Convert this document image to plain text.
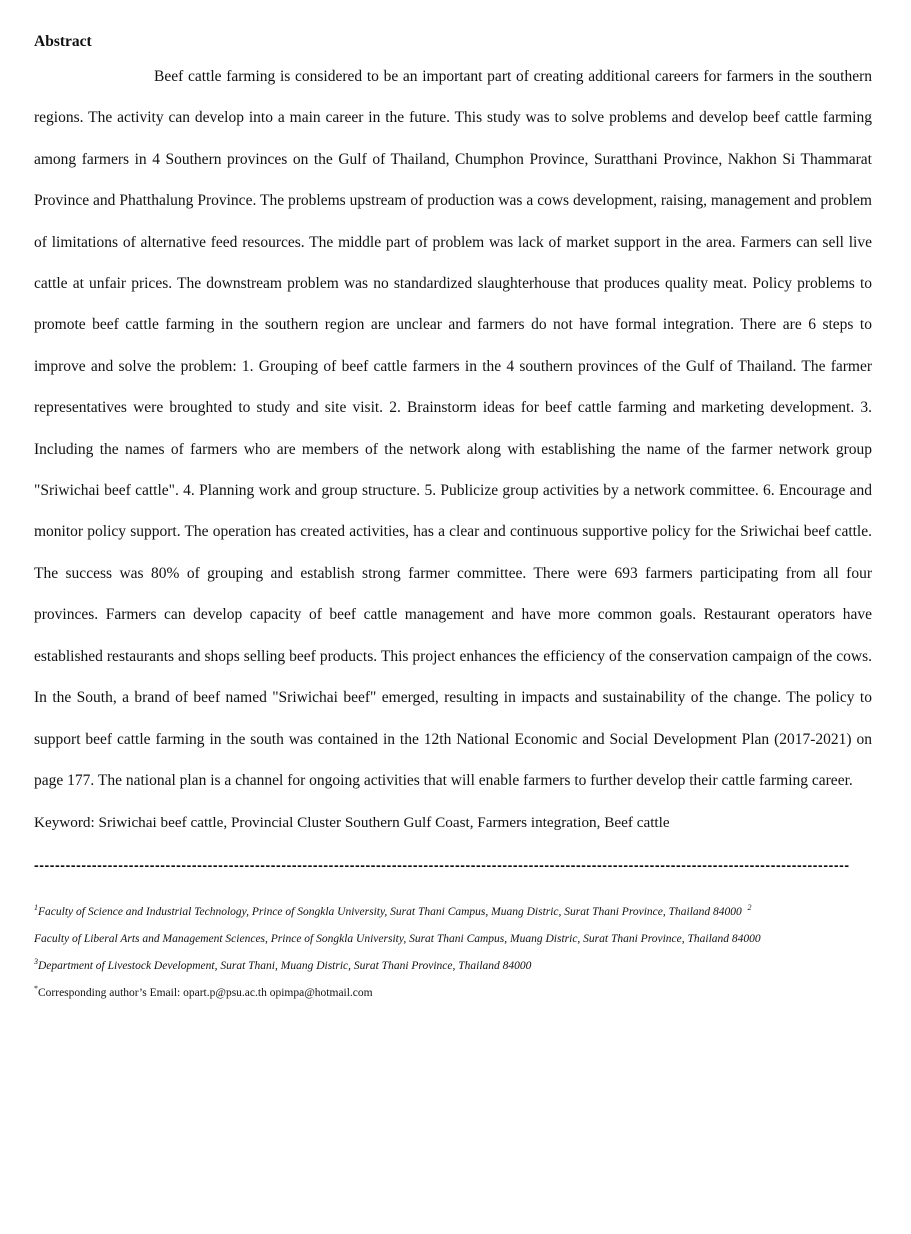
Abstract

Beef cattle farming is considered to be an important part of creating additional careers for farmers in the southern regions. The activity can develop into a main career in the future. This study was to solve problems and develop beef cattle farming among farmers in 4 Southern provinces on the Gulf of Thailand, Chumphon Province, Suratthani Province, Nakhon Si Thammarat Province and Phatthalung Province. The problems upstream of production was a cows development, raising, management and problem of limitations of alternative feed resources. The middle part of problem was lack of market support in the area. Farmers can sell live cattle at unfair prices. The downstream problem was no standardized slaughterhouse that produces quality meat. Policy problems to promote beef cattle farming in the southern region are unclear and farmers do not have formal integration. There are 6 steps to improve and solve the problem: 1. Grouping of beef cattle farmers in the 4 southern provinces of the Gulf of Thailand. The farmer representatives were broughted to study and site visit. 2. Brainstorm ideas for beef cattle farming and marketing development. 3. Including the names of farmers who are members of the network along with establishing the name of the farmer network group "Sriwichai beef cattle". 4. Planning work and group structure. 5. Publicize group activities by a network committee. 6. Encourage and monitor policy support. The operation has created activities, has a clear and continuous supportive policy for the Sriwichai beef cattle. The success was 80% of grouping and establish strong farmer committee. There were 693 farmers participating from all four provinces. Farmers can develop capacity of beef cattle management and have more common goals. Restaurant operators have established restaurants and shops selling beef products. This project enhances the efficiency of the conservation campaign of the cows. In the South, a brand of beef named "Sriwichai beef" emerged, resulting in impacts and sustainability of the change. The policy to support beef cattle farming in the south was contained in the 12th National Economic and Social Development Plan (2017-2021) on page 177. The national plan is a channel for ongoing activities that will enable farmers to further develop their cattle farming career.

Keyword: Sriwichai beef cattle, Provincial Cluster Southern Gulf Coast, Farmers integration, Beef cattle
-----------------------------------------------------------------------------------------------------------------------------------------------------------
$^1$Faculty of Science and Industrial Technology, Prince of Songkla University, Surat Thani Campus, Muang Distric, Surat Thani Province, Thailand 84000 $^2$
Faculty of Liberal Arts and Management Sciences, Prince of Songkla University, Surat Thani Campus, Muang Distric, Surat Thani Province, Thailand 84000
$^3$Department of Livestock Development, Surat Thani, Muang Distric, Surat Thani Province, Thailand 84000
*Corresponding author’s Email: opart.p@psu.ac.th opimpa@hotmail.com
